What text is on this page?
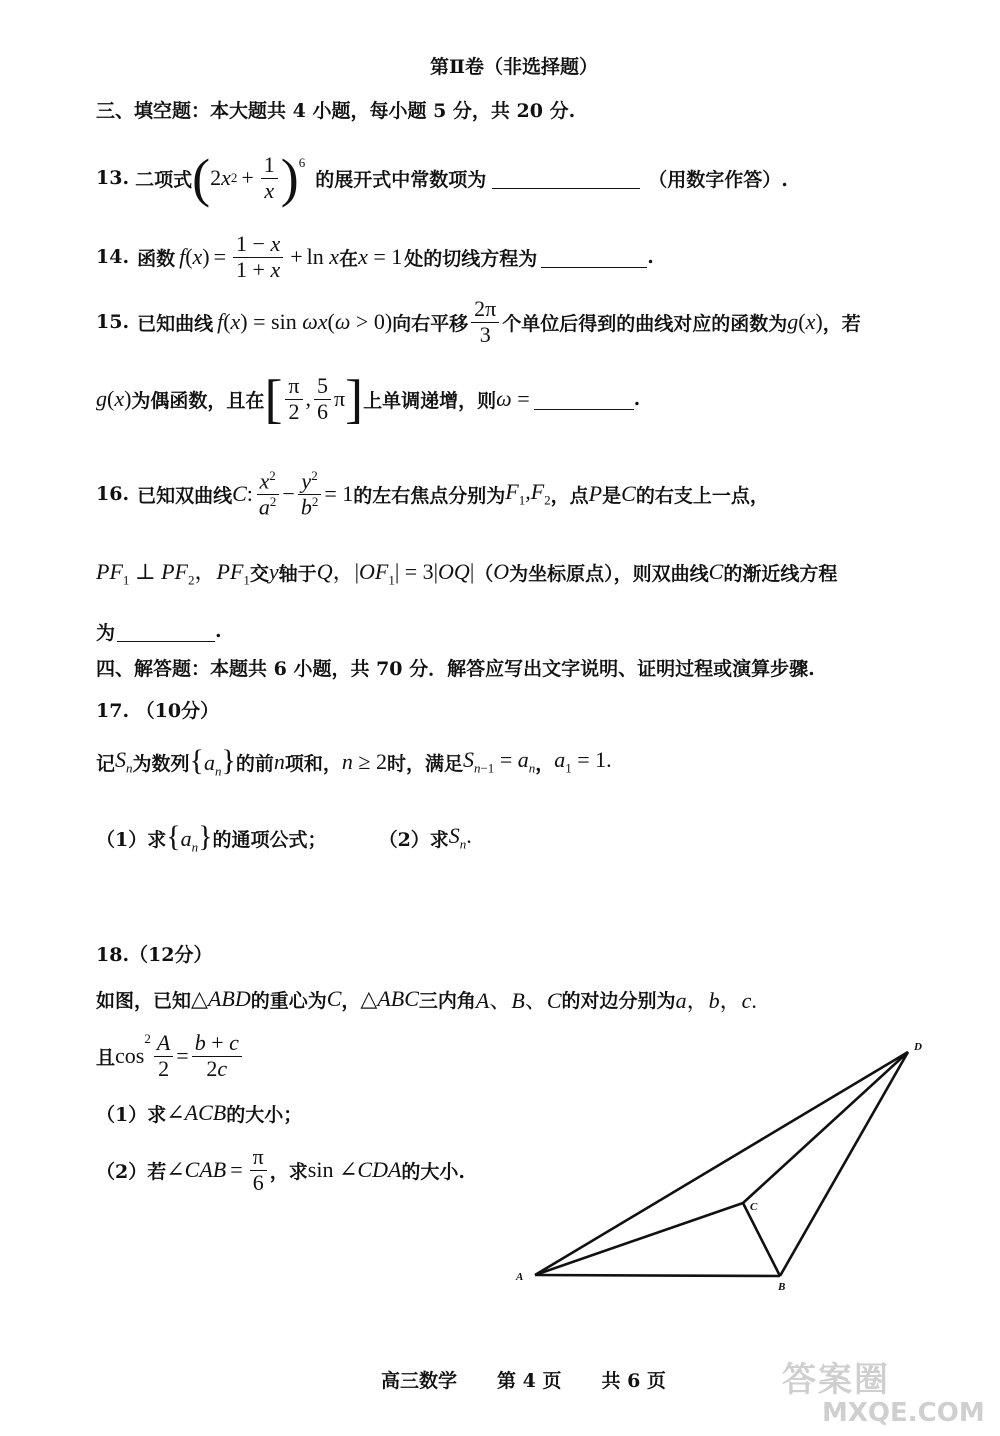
第Ⅱ卷（非选择题）
三、填空题：本大题共 4 小题，每小题 5 分，共 20 分.
13. 二项式 ( 2 x $2 + \frac{1}{x} )^6$
的展开式中常数项为	（用数字作答）.
14. 函数 f ( x ) = $\frac{1 - x}{1 + x} + \ln$
x 在 x = 1 处的切线方程为	.
15. 已知曲线 f(x) = sin ωx(ω > 0) 向右平移 $\frac{2\pi}{3}$ 个单位后得到的曲线对应的函数为 g(x) ，若
g(x) 为偶函数，且在 [ $\frac{\pi}{2}$ , $\frac{5}{6}$ π ] 上单调递增，则 ω =	.
16. 已知双曲线 C : $\frac{x^2}{a^2} - \frac{y^2}{b^2} = 1$ 的左右焦点分别为 $F_1,F_2$ ，点 P 是 C 的右支上一点，
$PF_1$ ⊥ $PF_2$，$PF_1$ 交 y 轴于 Q，$|OF_1| = 3|OQ|$ （ O 为坐标原点），则双曲线 C 的渐近线方程
为	.
四、解答题：本题共 6 小题，共 70 分．解答应写出文字说明、证明过程或演算步骤.
17. （10分）
记 $S_n$ 为数列 $\{a_n\}$ 的前 n 项和， n ≥ 2 时，满足 $S_{n-1} = a_n$ ， $a_1 = 1$.
（1）求 $\{a_n\}$ 的通项公式；	（2）求 $S_n$.
18.（12分）
如图，已知 △ABD 的重心为 C ， △ABC 三内角 A、B、C 的对边分别为 a，b，c.
且 cos
$^2 \frac{A}{2} = \frac{b + c}{2c}$
（1）求 ∠ACB 的大小；
（2）若 ∠ CAB = $\frac{\pi}{6}$ ，求 sin ∠CDA 的大小.
A
B
C
D
高三数学 第 4 页 共 6 页	答案圈
MXQE.COM
